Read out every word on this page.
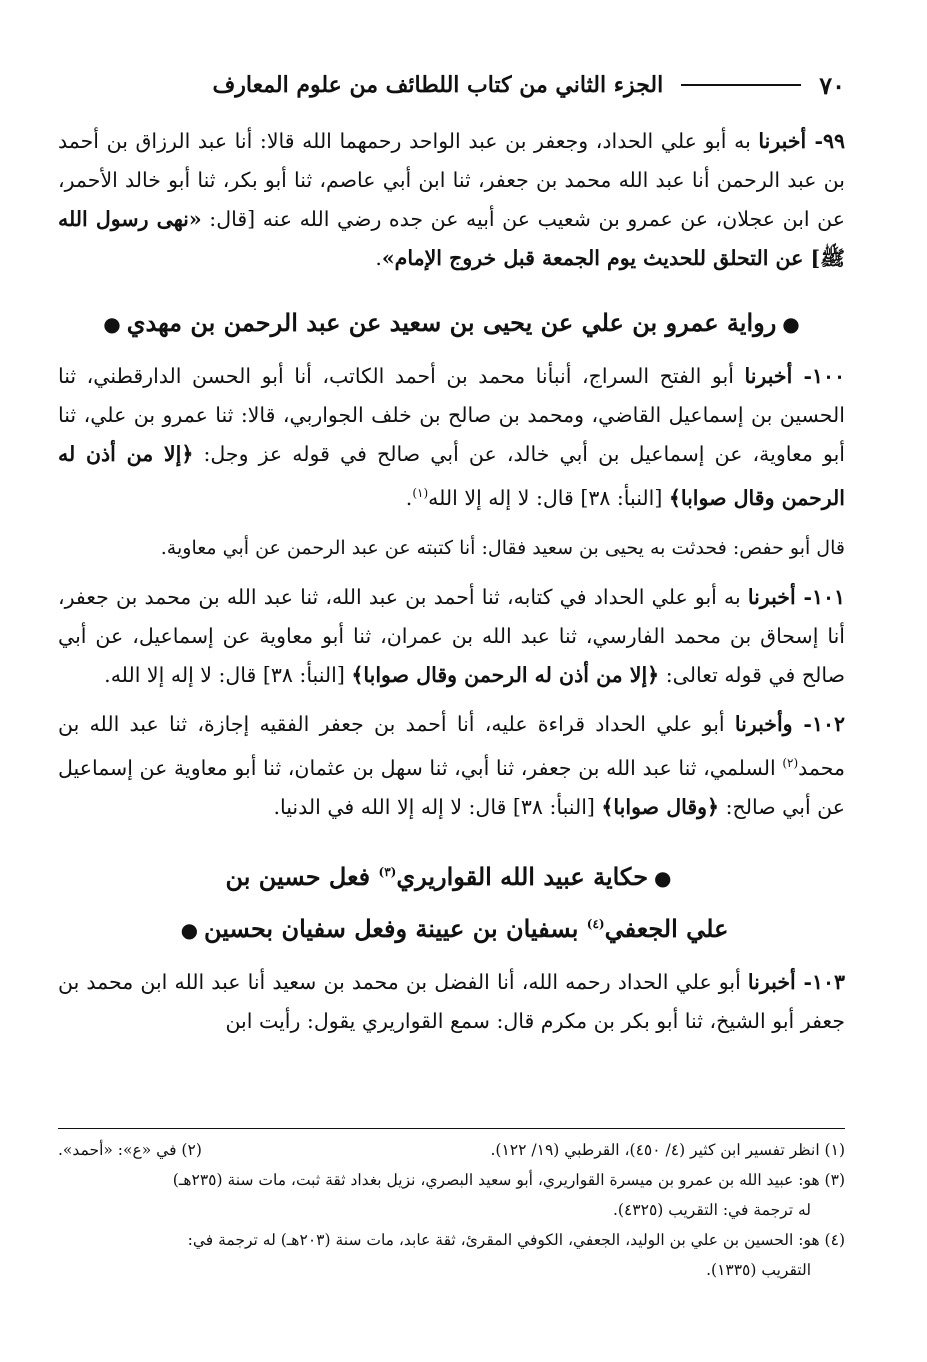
٧٠
الجزء الثاني من كتاب اللطائف من علوم المعارف

٩٩- أخبرنا به أبو علي الحداد، وجعفر بن عبد الواحد رحمهما الله قالا: أنا عبد الرزاق بن أحمد بن عبد الرحمن أنا عبد الله محمد بن جعفر، ثنا ابن أبي عاصم، ثنا أبو بكر، ثنا أبو خالد الأحمر، عن ابن عجلان، عن عمرو بن شعيب عن أبيه عن جده رضي الله عنه [قال: «نهى رسول الله ﷺ] عن التحلق للحديث يوم الجمعة قبل خروج الإمام».

●رواية عمرو بن علي عن يحيى بن سعيد عن عبد الرحمن بن مهدي●

١٠٠- أخبرنا أبو الفتح السراج، أنبأنا محمد بن أحمد الكاتب، أنا أبو الحسن الدارقطني، ثنا الحسين بن إسماعيل القاضي، ومحمد بن صالح بن خلف الجواربي، قالا: ثنا عمرو بن علي، ثنا أبو معاوية، عن إسماعيل بن أبي خالد، عن أبي صالح في قوله عز وجل: ﴿إلا من أذن له الرحمن وقال صوابا﴾ [النبأ: ٣٨] قال: لا إله إلا الله$^{(١)}$.

قال أبو حفص: فحدثت به يحيى بن سعيد فقال: أنا كتبته عن عبد الرحمن عن أبي معاوية.

١٠١- أخبرنا به أبو علي الحداد في كتابه، ثنا أحمد بن عبد الله، ثنا عبد الله بن محمد بن جعفر، أنا إسحاق بن محمد الفارسي، ثنا عبد الله بن عمران، ثنا أبو معاوية عن إسماعيل، عن أبي صالح في قوله تعالى: ﴿إلا من أذن له الرحمن وقال صوابا﴾ [النبأ: ٣٨] قال: لا إله إلا الله.

١٠٢- وأخبرنا أبو علي الحداد قراءة عليه، أنا أحمد بن جعفر الفقيه إجازة، ثنا عبد الله بن محمد$^{(٢)}$ السلمي، ثنا عبد الله بن جعفر، ثنا أبي، ثنا سهل بن عثمان، ثنا أبو معاوية عن إسماعيل عن أبي صالح: ﴿وقال صوابا﴾ [النبأ: ٣٨] قال: لا إله إلا الله في الدنيا.

●حكاية عبيد الله القواريري$^{(٣)}$ فعل حسين بن
علي الجعفي$^{(٤)}$ بسفيان بن عيينة وفعل سفيان بحسين●

١٠٣- أخبرنا أبو علي الحداد رحمه الله، أنا الفضل بن محمد بن سعيد أنا عبد الله ابن محمد بن جعفر أبو الشيخ، ثنا أبو بكر بن مكرم قال: سمع القواريري يقول: رأيت ابن

(١) انظر تفسير ابن كثير (٤/ ٤٥٠)، القرطبي (١٩/ ١٢٢).

(٢) في «ع»: «أحمد».

(٣) هو: عبيد الله بن عمرو بن ميسرة القواريري، أبو سعيد البصري، نزيل بغداد ثقة ثبت، مات سنة (٢٣٥هـ)

له ترجمة في: التقريب (٤٣٢٥).

(٤) هو: الحسين بن علي بن الوليد، الجعفي، الكوفي المقرئ، ثقة عابد، مات سنة (٢٠٣هـ) له ترجمة في:

التقريب (١٣٣٥).
